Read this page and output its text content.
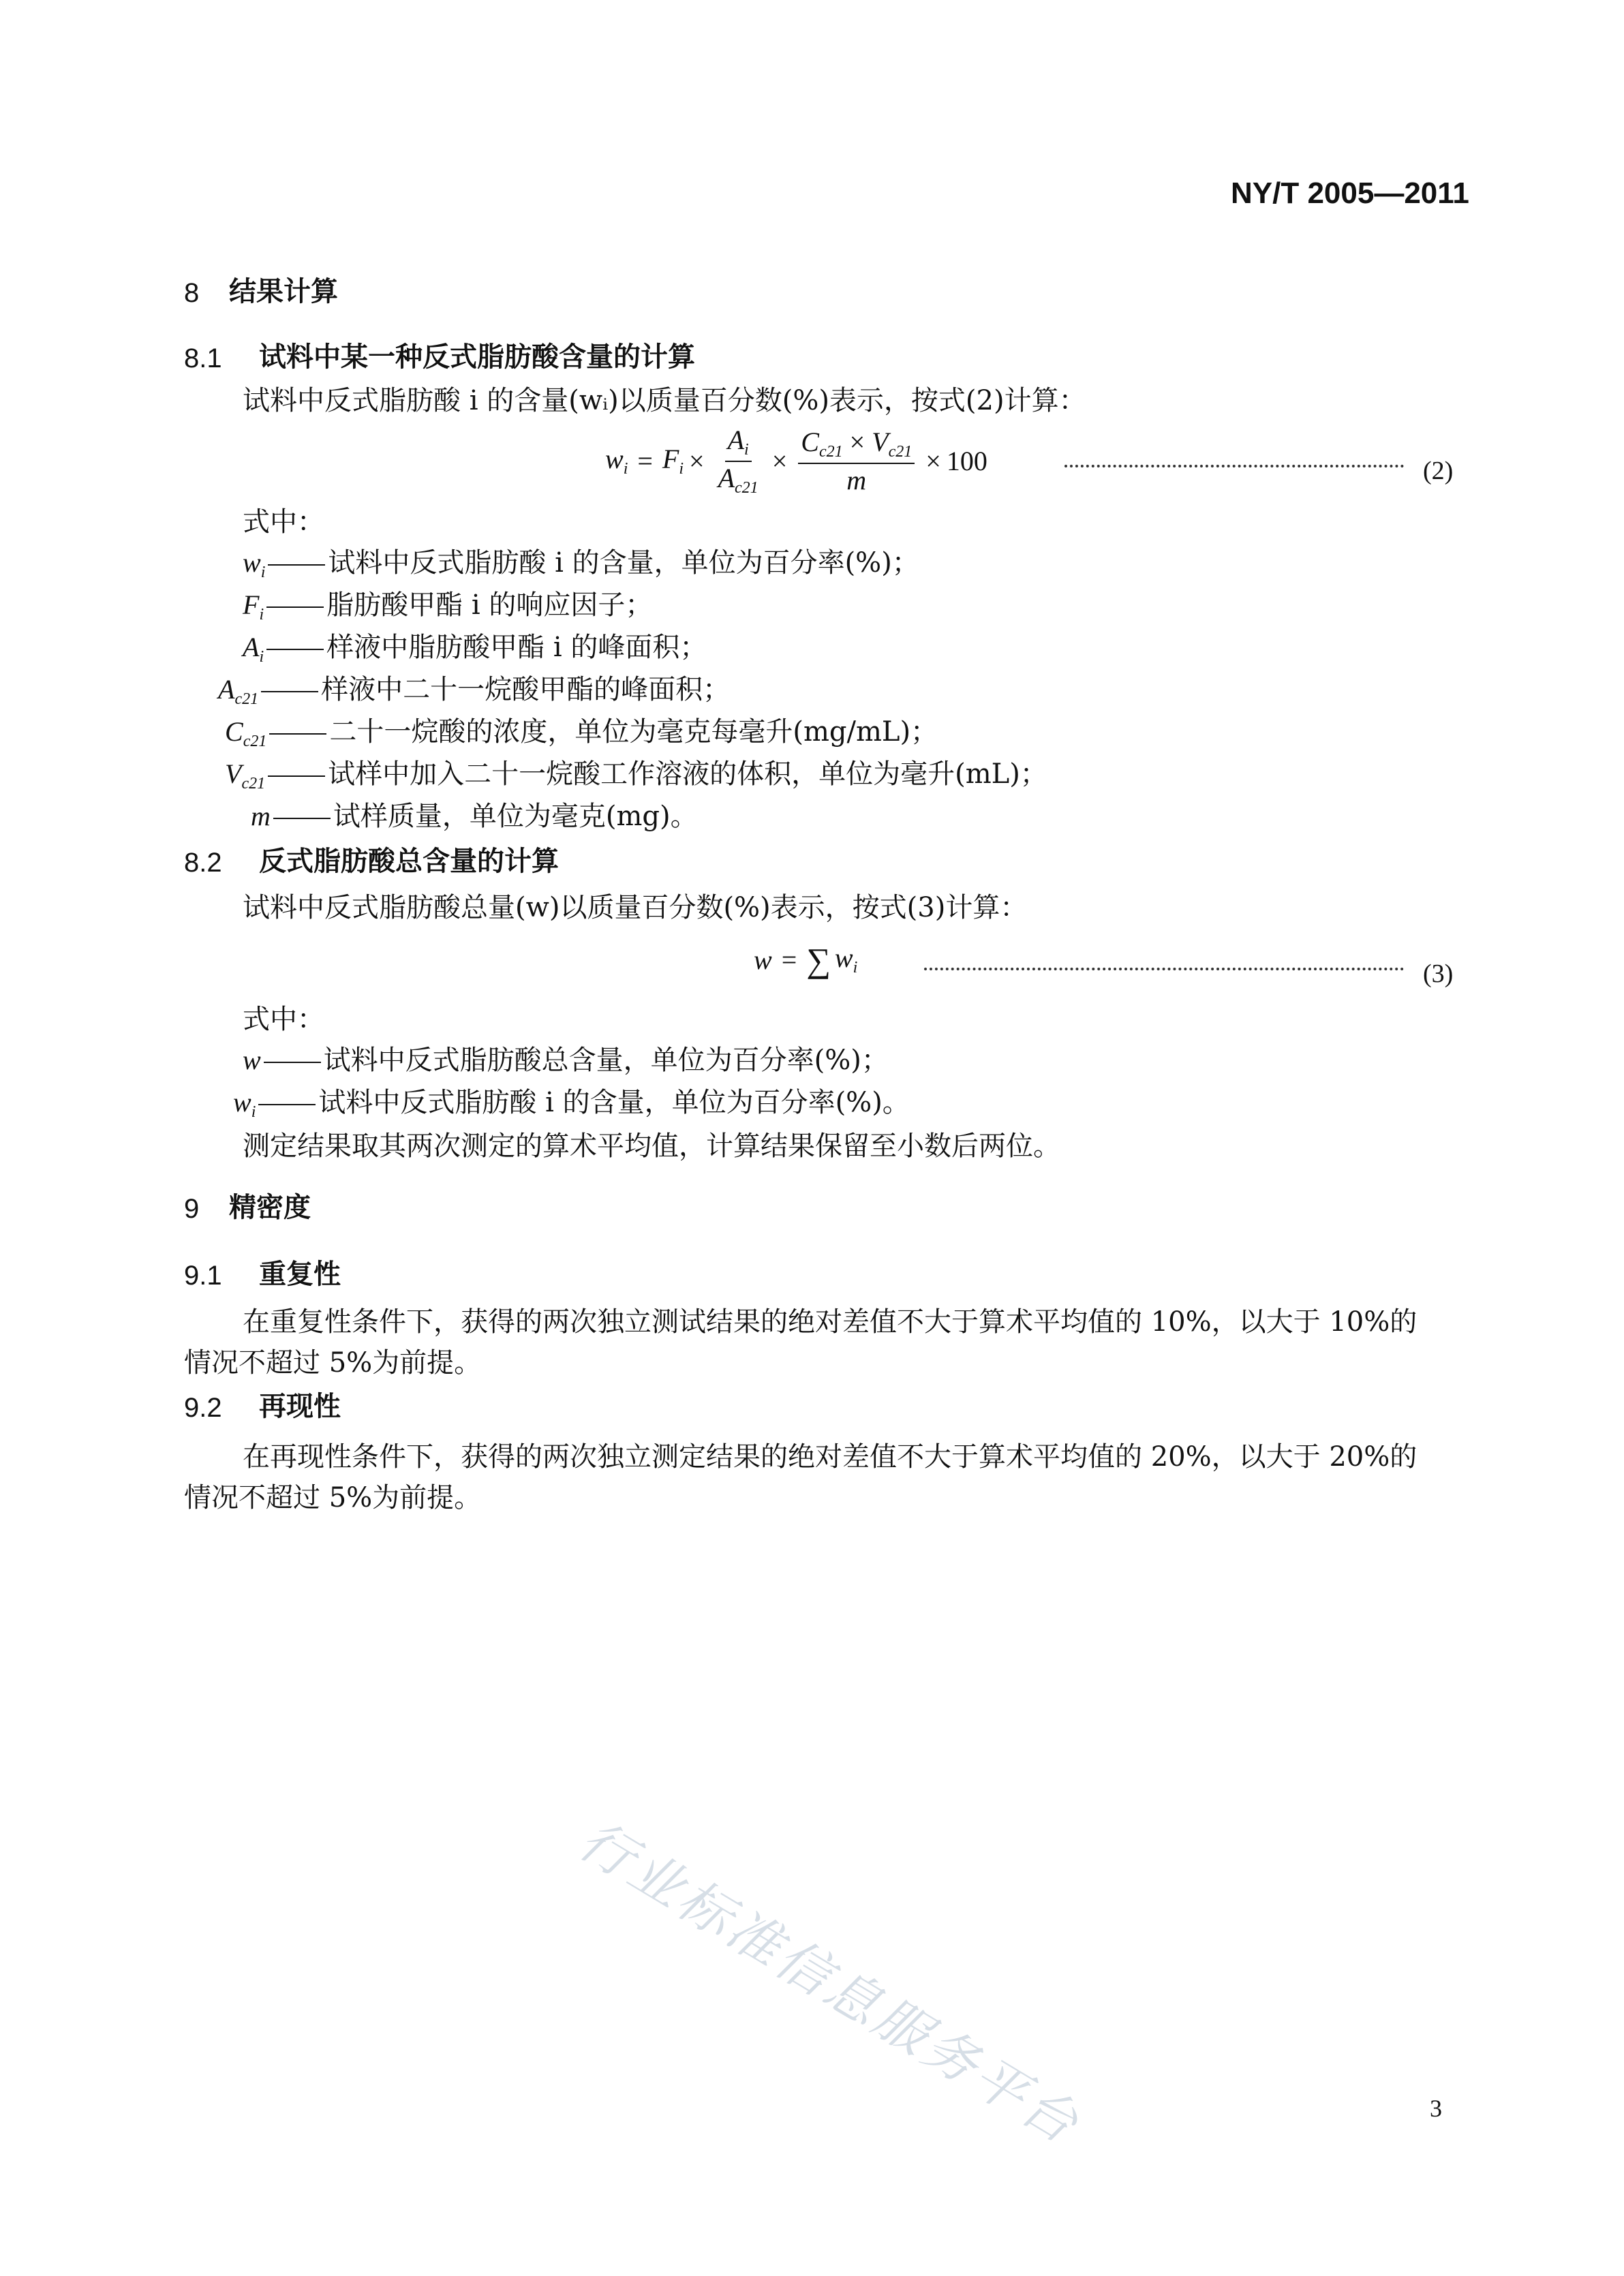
NY/T 2005—2011
8 结果计算
8.1 试料中某一种反式脂肪酸含量的计算
试料中反式脂肪酸 i 的含量(wᵢ)以质量百分数(%)表示，按式(2)计算：
$w_i = F_i \times \frac{A_i}{A_{c21}} \times \frac{C_{c21} \times V_{c21}}{m} \times 100$	(2)
式中：
$w_i$ 试料中反式脂肪酸 i 的含量，单位为百分率(%)；
$F_i$ 脂肪酸甲酯 i 的响应因子；
$A_i$ 样液中脂肪酸甲酯 i 的峰面积；
$A_{c21}$ 样液中二十一烷酸甲酯的峰面积；
$C_{c21}$ 二十一烷酸的浓度，单位为毫克每毫升(mg/mL)；
$V_{c21}$ 试样中加入二十一烷酸工作溶液的体积，单位为毫升(mL)；
m 试样质量，单位为毫克(mg)。
8.2 反式脂肪酸总含量的计算
试料中反式脂肪酸总量(w)以质量百分数(%)表示，按式(3)计算：
w = ∑ $w_i$	(3)
式中：
w 试料中反式脂肪酸总含量，单位为百分率(%)；
$w_i$ 试料中反式脂肪酸 i 的含量，单位为百分率(%)。
测定结果取其两次测定的算术平均值，计算结果保留至小数后两位。
9 精密度
9.1 重复性
在重复性条件下，获得的两次独立测试结果的绝对差值不大于算术平均值的 10%，以大于 10%的
情况不超过 5%为前提。
9.2 再现性
在再现性条件下，获得的两次独立测定结果的绝对差值不大于算术平均值的 20%，以大于 20%的
情况不超过 5%为前提。
行业标准信息服务平台	3
